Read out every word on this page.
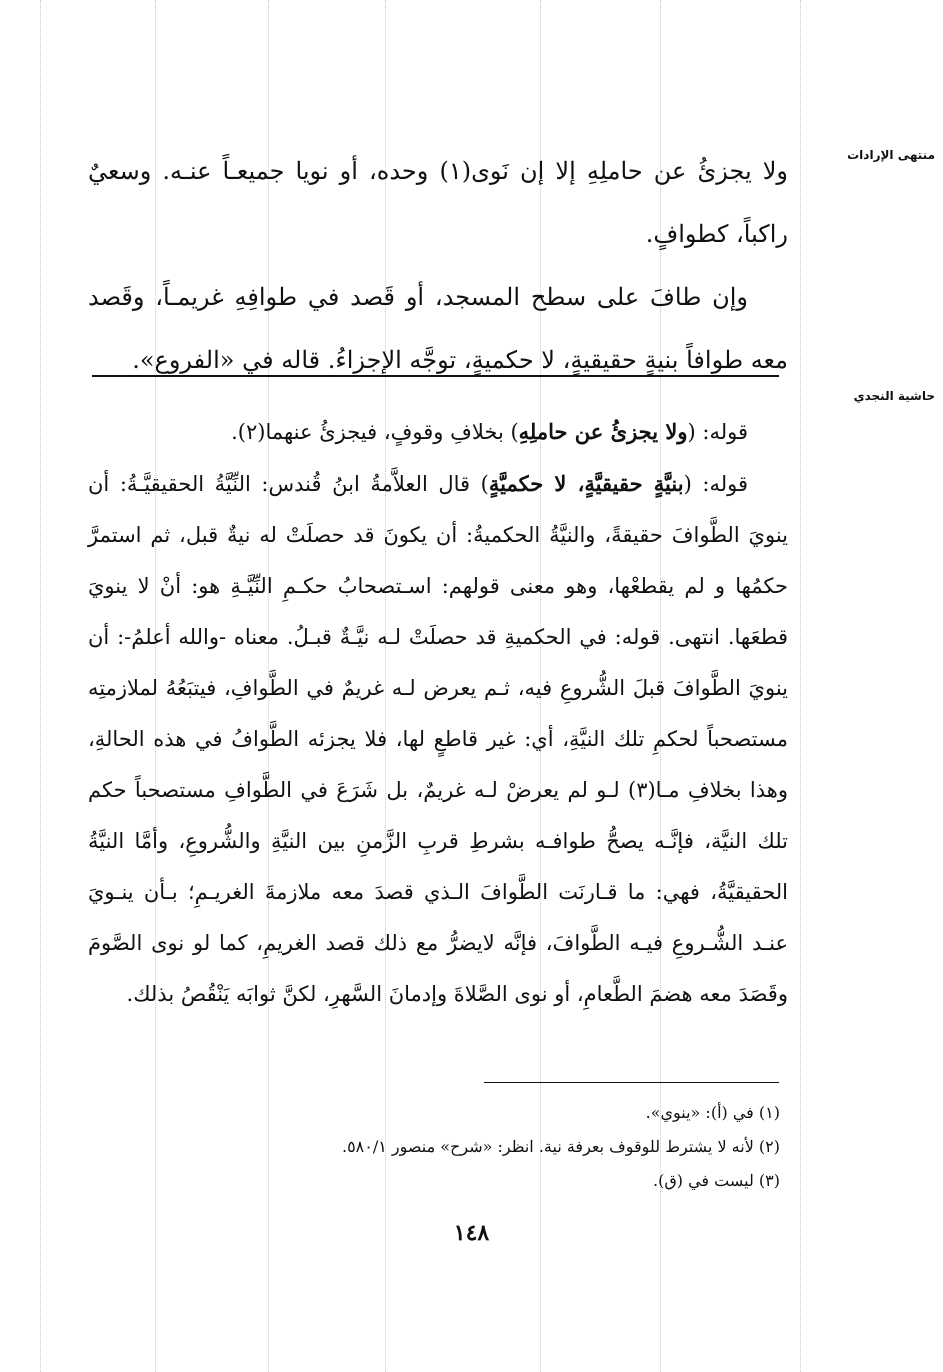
منتهى الإرادات
حاشية النجدي

ولا يجزئُ عن حاملِهِ إلا إن نَوى(١) وحده، أو نويا جميعـاً عنـه. وسعيٌ راكباً، كطوافٍ.

وإن طافَ على سطح المسجد، أو قَصد في طوافِهِ غريمـاً، وقَصد معه طوافاً بنيةٍ حقيقيةٍ، لا حكميةٍ، توجَّه الإجزاءُ. قاله في «الفروع».

قوله: (ولا يجزئُ عن حاملِهِ) بخلافِ وقوفٍ، فيجزئُ عنهما(٢).

قوله: (بنيَّةٍ حقيقيَّةٍ، لا حكميَّةٍ) قال العلاَّمةُ ابنُ قُندس: النِّيَّةُ الحقيقيَّـةُ: أن ينويَ الطَّوافَ حقيقةً، والنيَّةُ الحكميةُ: أن يكونَ قد حصلَتْ له نيةٌ قبل، ثم استمرَّ حكمُها و لم يقطعْها، وهو معنى قولهم: اسـتصحابُ حكـمِ النِّيَّـةِ هو: أنْ لا ينويَ قطعَها. انتهى. قوله: في الحكميةِ قد حصلَتْ لـه نيَّـةٌ قبـلُ. معناه -والله أعلمُ-: أن ينويَ الطَّوافَ قبلَ الشُّروعِ فيه، ثـم يعرض لـه غريمٌ في الطَّوافِ، فيتبَعُهُ لملازمتِه مستصحباً لحكمِ تلك النيَّةِ، أي: غير قاطعٍ لها، فلا يجزئه الطَّوافُ في هذه الحالةِ، وهذا بخلافِ مـا(٣) لـو لم يعرضْ لـه غريمٌ، بل شَرَعَ في الطَّوافِ مستصحباً حكم تلك النيَّة، فإنَّـه يصحُّ طوافـه بشرطِ قربِ الزَّمنِ بين النيَّةِ والشُّروعِ، وأمَّا النيَّةُ الحقيقيَّةُ، فهي: ما قـارنَت الطَّوافَ الـذي قصدَ معه ملازمةَ الغريـمِ؛ بـأن ينـويَ عنـد الشُّـروعِ فيـه الطَّوافَ، فإنَّه لايضرُّ مع ذلك قصد الغريمِ، كما لو نوى الصَّومَ وقَصَدَ معه هضمَ الطَّعامِ، أو نوى الصَّلاةَ وإدمانَ السَّهرِ، لكنَّ ثوابَه يَنْقُصُ بذلك.

(١) في (أ): «ينوي».
(٢) لأنه لا يشترط للوقوف بعرفة نية. انظر: «شرح» منصور ٥٨٠/١.
(٣) ليست في (ق).
١٤٨
